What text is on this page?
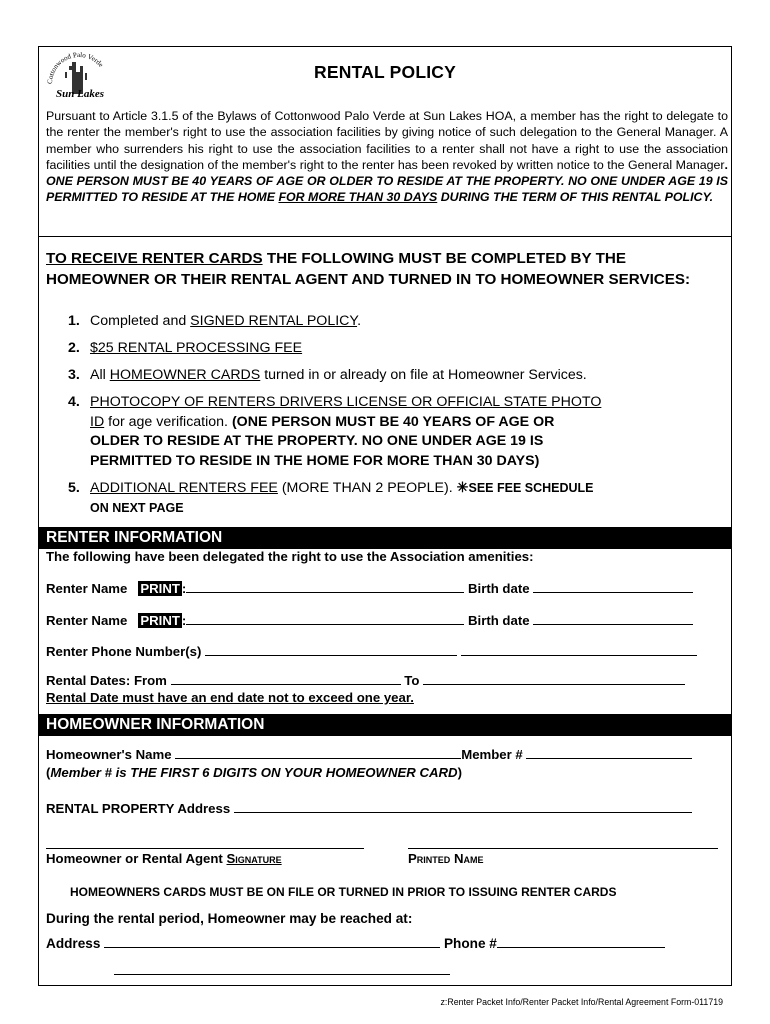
Cottonwood Palo Verde
Sun Lakes
RENTAL POLICY
Pursuant to Article 3.1.5 of the Bylaws of Cottonwood Palo Verde at Sun Lakes HOA, a member has the right to delegate to the renter the member's right to use the association facilities by giving notice of such delegation to the General Manager. A member who surrenders his right to use the association facilities to a renter shall not have a right to use the association facilities until the designation of the member's right to the renter has been revoked by written notice to the General Manager. ONE PERSON MUST BE 40 YEARS OF AGE OR OLDER TO RESIDE AT THE PROPERTY. NO ONE UNDER AGE 19 IS PERMITTED TO RESIDE AT THE HOME FOR MORE THAN 30 DAYS DURING THE TERM OF THIS RENTAL POLICY.
TO RECEIVE RENTER CARDS THE FOLLOWING MUST BE COMPLETED BY THE HOMEOWNER OR THEIR RENTAL AGENT AND TURNED IN TO HOMEOWNER SERVICES:
1. Completed and SIGNED RENTAL POLICY.
2. $25 RENTAL PROCESSING FEE
3. All HOMEOWNER CARDS turned in or already on file at Homeowner Services.
4. PHOTOCOPY OF RENTERS DRIVERS LICENSE OR OFFICIAL STATE PHOTO
ID for age verification. (ONE PERSON MUST BE 40 YEARS OF AGE OR
OLDER TO RESIDE AT THE PROPERTY. NO ONE UNDER AGE 19 IS
PERMITTED TO RESIDE IN THE HOME FOR MORE THAN 30 DAYS)
5. ADDITIONAL RENTERS FEE (MORE THAN 2 PEOPLE). ✳SEE FEE SCHEDULE
ON NEXT PAGE
RENTER INFORMATION
The following have been delegated the right to use the Association amenities:
Renter Name PRINT :	Birth date
Renter Name PRINT :	Birth date
Renter Phone Number(s)
Rental Dates: From	To
Rental Date must have an end date not to exceed one year.
HOMEOWNER INFORMATION
Homeowner's Name	Member #
(Member # is THE FIRST 6 DIGITS ON YOUR HOMEOWNER CARD)
RENTAL PROPERTY Address
Homeowner or Rental Agent Signature	Printed Name
HOMEOWNERS CARDS MUST BE ON FILE OR TURNED IN PRIOR TO ISSUING RENTER CARDS
During the rental period, Homeowner may be reached at:
Address	Phone #
z:Renter Packet Info/Renter Packet Info/Rental Agreement Form-011719
